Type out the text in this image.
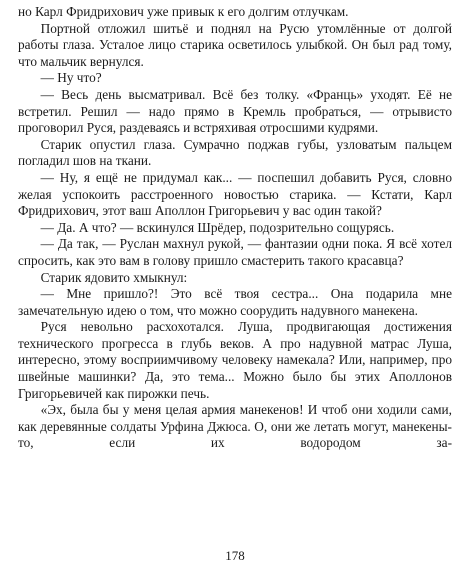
но Карл Фридрихович уже привык к его долгим отлучкам.

Портной отложил шитьё и поднял на Русю утомлённые от долгой работы глаза. Усталое лицо старика осветилось улыбкой. Он был рад тому, что мальчик вернулся.

— Ну что?

— Весь день высматривал. Всё без толку. «Франць» уходят. Её не встретил. Решил — надо прямо в Кремль пробраться, — отрывисто проговорил Руся, раздеваясь и встряхивая отросшими кудрями.

Старик опустил глаза. Сумрачно поджав губы, узловатым пальцем погладил шов на ткани.

— Ну, я ещё не придумал как... — поспешил добавить Руся, словно желая успокоить расстроенного новостью старика. — Кстати, Карл Фридрихович, этот ваш Аполлон Григорьевич у вас один такой?

— Да. А что? — вскинулся Шрёдер, подозрительно сощурясь.

— Да так, — Руслан махнул рукой, — фантазии одни пока. Я всё хотел спросить, как это вам в голову пришло смастерить такого красавца?

Старик ядовито хмыкнул:

— Мне пришло?! Это всё твоя сестра... Она подарила мне замечательную идею о том, что можно соорудить надувного манекена.

Руся невольно расхохотался. Луша, продвигающая достижения технического прогресса в глубь веков. А про надувной матрас Луша, интересно, этому восприимчивому человеку намекала? Или, например, про швейные машинки? Да, это тема... Можно было бы этих Аполлонов Григорьевичей как пирожки печь.

«Эх, была бы у меня целая армия манекенов! И чтоб они ходили сами, как деревянные солдаты Урфина Джюса. О, они же летать могут, манекены-то, если их водородом за-

178
